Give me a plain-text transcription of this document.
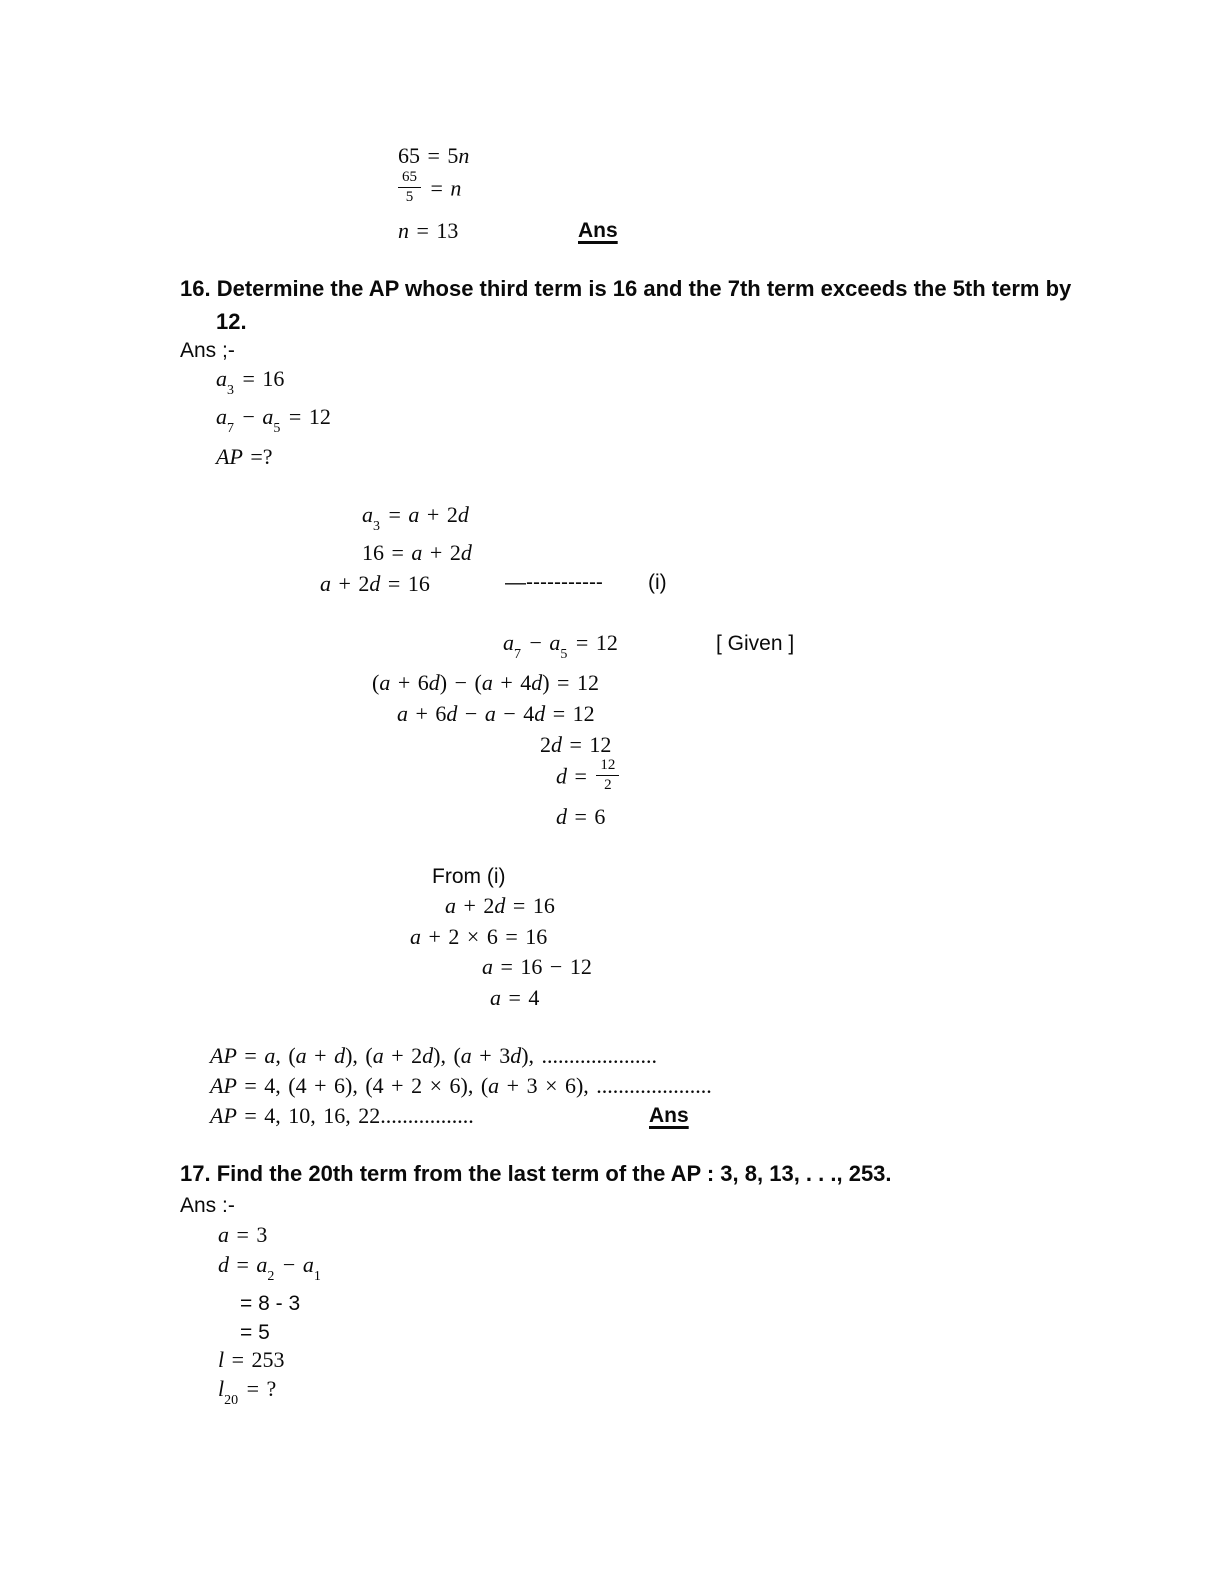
65 = 5n
$\frac{65}{5} = n$
n = 13	Ans
16. Determine the AP whose third term is 16 and the 7th term exceeds the 5th term by
12.
Ans ;-
$a_3 = 16$
$a_7 - a_5 = 12$
AP =?
$a_3 = a + 2d$
16 = a + 2d
a + 2d = 16	—----------- (i)
$a_7 - a_5 = 12$	[ Given ]
(a + 6d) − (a + 4d) = 12
a + 6d − a − 4d = 12
2d = 12
$d = \frac{12}{2}$
d = 6
From (i)
a + 2d = 16
a + 2 × 6 = 16
a = 16 − 12
a = 4
AP = a, (a + d), (a + 2d), (a + 3d), .....................
AP = 4, (4 + 6), (4 + 2 × 6), (a + 3 × 6), .....................
AP = 4, 10, 16, 22.................	Ans
17. Find the 20th term from the last term of the AP : 3, 8, 13, . . ., 253.
Ans :-
a = 3
$d = a_2 - a_1$
= 8 - 3
= 5
l = 253
$l_{20}$ = ?
